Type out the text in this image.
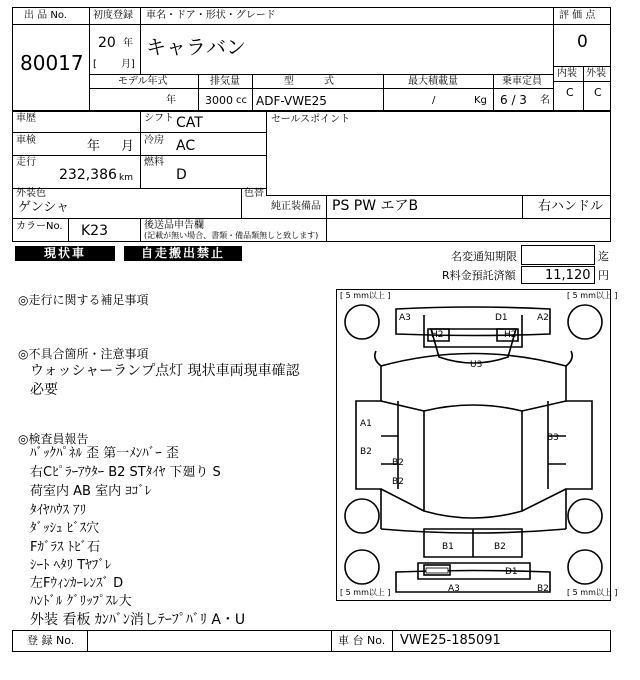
出 品 No.
80017
初度登録
20 年
[ 月]
車名・ドア・形状・グレード
キャラバン
評 価 点
0
内装 外装
C C
モデル年式
年
排気量
3000 cc
型　　　式
ADF-VWE25
最大積載量
/	Kg
乗車定員
6 / 3 名
車歴	シフト CAT
車検	年 月 冷房 AC
走行
232,386 km
燃料
D
セールスポイント
外装色
ゲンシャ
色替
純正装備品 PS PW エアB	右ハンドル
カラーNo. K23	後送品申告欄
(記載が無い場合、書類・備品類無しと致します)
現状車	自走搬出禁止	名変通知期限	迄
R料金預託済額 11,120 円
◎走行に関する補足事項
◎不具合箇所・注意事項
ウォッシャーランプ点灯 現状車両現車確認
必要
◎検査員報告
ﾊﾞｯｸﾊﾟﾈﾙ 歪 第一ﾒﾝﾊﾞｰ 歪
右Cﾋﾟﾗｰｱｳﾀｰ B2 STﾀｲﾔ 下廻り S
荷室内 AB 室内 ﾖｺﾞﾚ
ﾀｲﾔﾊｳｽ ｱﾘ
ﾀﾞｯｼｭ ﾋﾞｽ穴
Fｶﾞﾗｽ ﾄﾋﾞ石
ｼｰﾄ ﾍﾀﾘ Tﾔﾌﾞﾚ
左Fｳｨﾝｶｰﾚﾝｽﾞ D
ﾊﾝﾄﾞﾙ ｸﾞﾘｯﾌﾟｽﾚ大
外装 看板 ｶﾝﾊﾞﾝ消しﾃｰﾌﾟﾊﾞﾘ A・U
[ 5 mm以上 ]	[ 5 mm以上 ]
[ 5 mm以上 ]	[ 5 mm以上 ]
A3	D1	A2
H2	H2
U3
A1
B2
B3
B2
B2
B1	B2
D1
A3	B2
登 録 No.	車 台 No. VWE25-185091
